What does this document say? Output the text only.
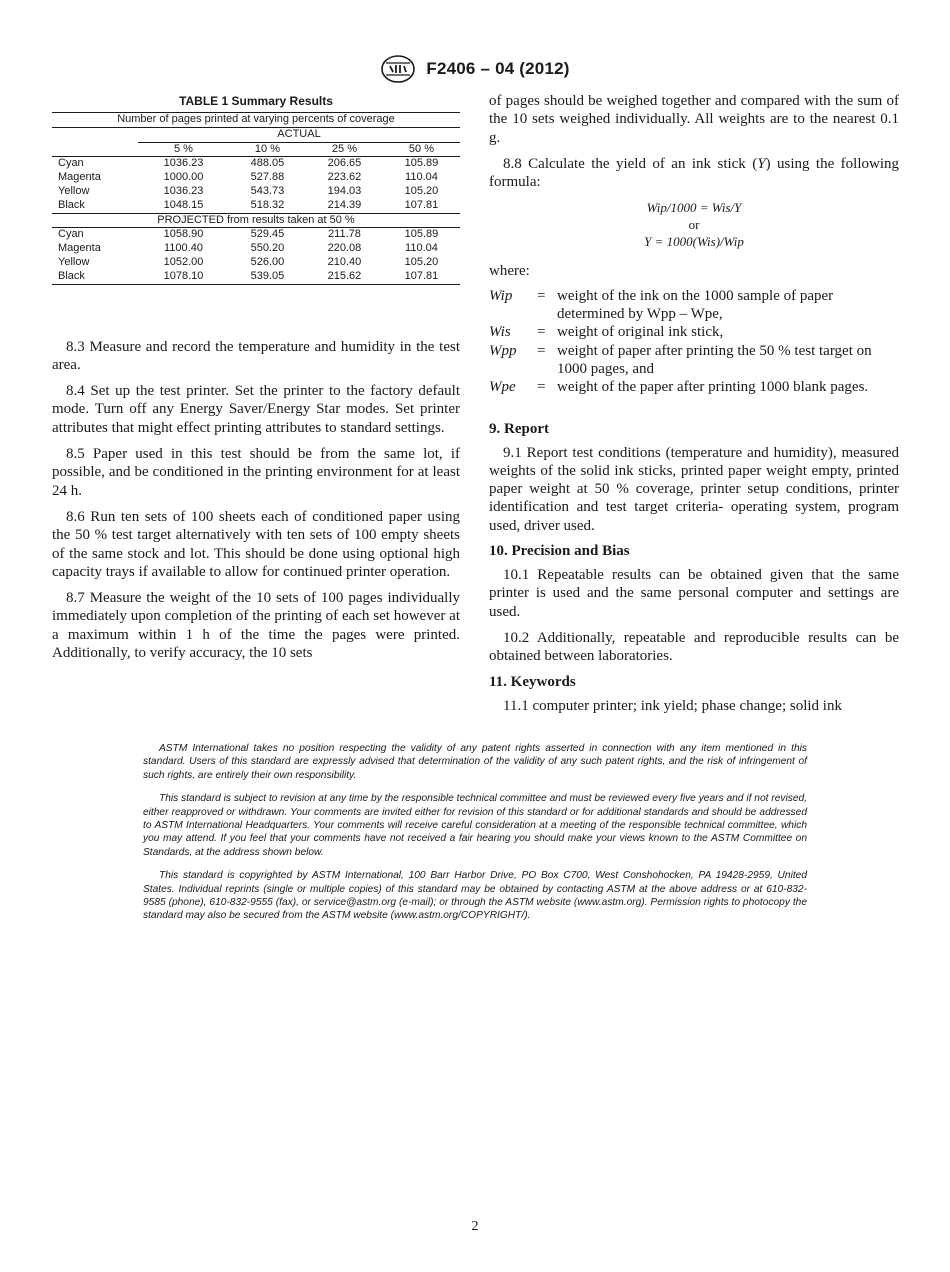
F2406 – 04 (2012)
TABLE 1 Summary Results
Number of pages printed at varying percents of coverage				
	ACTUAL			
	5 %	10 %	25 %	50 %
Cyan	1036.23	488.05	206.65	105.89
Magenta	1000.00	527.88	223.62	110.04
Yellow	1036.23	543.73	194.03	105.20
Black	1048.15	518.32	214.39	107.81
PROJECTED from results taken at 50 %				
Cyan	1058.90	529.45	211.78	105.89
Magenta	1100.40	550.20	220.08	110.04
Yellow	1052.00	526.00	210.40	105.20
Black	1078.10	539.05	215.62	107.81

8.3 Measure and record the temperature and humidity in the test area.

8.4 Set up the test printer. Set the printer to the factory default mode. Turn off any Energy Saver/Energy Star modes. Set printer attributes that might effect printing attributes to standard settings.

8.5 Paper used in this test should be from the same lot, if possible, and be conditioned in the printing environment for at least 24 h.

8.6 Run ten sets of 100 sheets each of conditioned paper using the 50 % test target alternatively with ten sets of 100 empty sheets of the same stock and lot. This should be done using optional high capacity trays if available to allow for continued printer operation.

8.7 Measure the weight of the 10 sets of 100 pages individually immediately upon completion of the printing of each set however at a maximum within 1 h of the time the pages were printed. Additionally, to verify accuracy, the 10 sets

of pages should be weighed together and compared with the sum of the 10 sets weighed individually. All weights are to the nearest 0.1 g.

8.8 Calculate the yield of an ink stick (Y) using the following formula:

Wip/1000 = Wis/Y
or
Y = 1000(Wis)/Wip
where:
Wip	= weight of the ink on the 1000 sample of paper determined by Wpp – Wpe,
Wis	= weight of original ink stick,
Wpp	= weight of paper after printing the 50 % test target on 1000 pages, and
Wpe	= weight of the paper after printing 1000 blank pages.
9. Report

9.1 Report test conditions (temperature and humidity), measured weights of the solid ink sticks, printed paper weight empty, printed paper weight at 50 % coverage, printer setup conditions, printer identification and test target criteria- operating system, program used, driver used.

10. Precision and Bias

10.1 Repeatable results can be obtained given that the same printer is used and the same personal computer and settings are used.

10.2 Additionally, repeatable and reproducible results can be obtained between laboratories.

11. Keywords

11.1 computer printer; ink yield; phase change; solid ink

ASTM International takes no position respecting the validity of any patent rights asserted in connection with any item mentioned in this standard. Users of this standard are expressly advised that determination of the validity of any such patent rights, and the risk of infringement of such rights, are entirely their own responsibility.

This standard is subject to revision at any time by the responsible technical committee and must be reviewed every five years and if not revised, either reapproved or withdrawn. Your comments are invited either for revision of this standard or for additional standards and should be addressed to ASTM International Headquarters. Your comments will receive careful consideration at a meeting of the responsible technical committee, which you may attend. If you feel that your comments have not received a fair hearing you should make your views known to the ASTM Committee on Standards, at the address shown below.

This standard is copyrighted by ASTM International, 100 Barr Harbor Drive, PO Box C700, West Conshohocken, PA 19428-2959, United States. Individual reprints (single or multiple copies) of this standard may be obtained by contacting ASTM at the above address or at 610-832-9585 (phone), 610-832-9555 (fax), or service@astm.org (e-mail); or through the ASTM website (www.astm.org). Permission rights to photocopy the standard may also be secured from the ASTM website (www.astm.org/COPYRIGHT/).

2
